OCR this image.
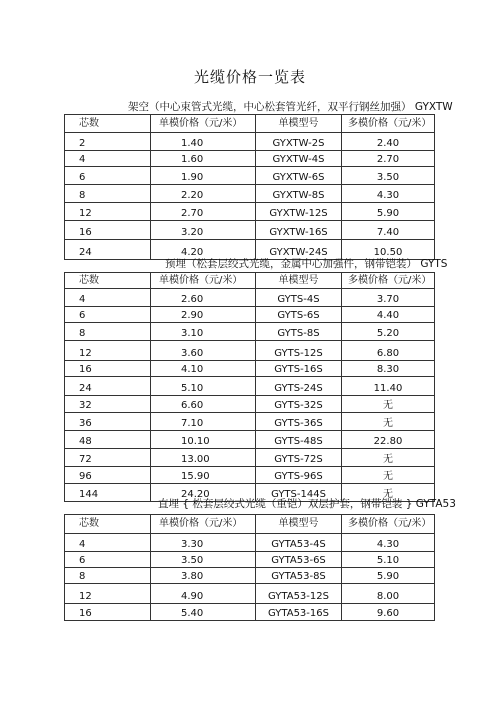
光缆价格一览表
架空（中心束管式光缆，中心松套管光纤，双平行钢丝加强） GYXTW
芯数	单模价格（元/米）	单模型号	多模价格（元/米）
2	1.40	GYXTW-2S	2.40
4	1.60	GYXTW-4S	2.70
6	1.90	GYXTW-6S	3.50
8	2.20	GYXTW-8S	4.30
12	2.70	GYXTW-12S	5.90
16	3.20	GYXTW-16S	7.40
24	4.20	GYXTW-24S	10.50
预埋（松套层绞式光缆，金属中心加强件，钢带铠装） GYTS
芯数	单模价格（元/米）	单模型号	多模价格（元/米）
4	2.60	GYTS-4S	3.70
6	2.90	GYTS-6S	4.40
8	3.10	GYTS-8S	5.20
12	3.60	GYTS-12S	6.80
16	4.10	GYTS-16S	8.30
24	5.10	GYTS-24S	11.40
32	6.60	GYTS-32S	无
36	7.10	GYTS-36S	无
48	10.10	GYTS-48S	22.80
72	13.00	GYTS-72S	无
96	15.90	GYTS-96S	无
144	24.20	GYTS-144S	无
直埋 { 松套层绞式光缆（重铠）双层护套，钢带铠装 } GYTA53
芯数	单模价格（元/米）	单模型号	多模价格（元/米）
4	3.30	GYTA53-4S	4.30
6	3.50	GYTA53-6S	5.10
8	3.80	GYTA53-8S	5.90
12	4.90	GYTA53-12S	8.00
16	5.40	GYTA53-16S	9.60
